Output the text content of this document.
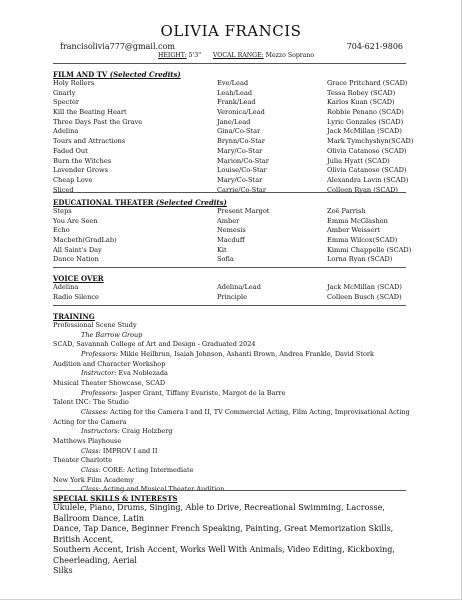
OLIVIA FRANCIS
francisolivia777@gmail.com	704-621-9806
HEIGHT: 5'3" VOCAL RANGE: Mezzo Soprano
FILM AND TV (Selected Credits)
Holy Rollers	Eve/Lead	Grace Pritchard (SCAD)
Gnarly	Leah/Lead	Tessa Robey (SCAD)
Specter	Frank/Lead	Karlos Kuan (SCAD)
Kill the Beating Heart	Veronica/Lead	Robbie Penano (SCAD)
Three Days Past the Grave	Jane/Lead	Lyric Gonzales (SCAD)
Adelina	Gina/Co-Star	Jack McMillan (SCAD)
Tours and Attractions	Brynn/Co-Star	Mark Tymchyshyn(SCAD)
Faded Out	Mary/Co-Star	Olivia Catanoso (SCAD)
Burn the Witches	Marion/Co-Star	Julia Hyatt (SCAD)
Lavender Grows	Louise/Co-Star	Olivia Catanoso (SCAD)
Cheap Love	Mary/Co-Star	Alexandra Lavin (SCAD)
Sliced	Carrie/Co-Star	Colleen Ryan (SCAD)
EDUCATIONAL THEATER (Selected Credits)
Steps	Present Margot	Zoë Parrish
You Are Seen	Amber	Emma McGlashen
Echo	Nemesis	Amber Weissert
Macbeth(GradLab)	Macduff	Emma Wilcox(SCAD)
All Saint's Day	Kit	Kimmi Chappelle (SCAD)
Dance Nation	Sofia	Lorna Ryan (SCAD)
VOICE OVER
Adelina	Adelina/Lead	Jack McMillan (SCAD)
Radio Silence	Principle	Colleen Busch (SCAD)
TRAINING
Professional Scene Study
The Barrow Group
SCAD, Savannah College of Art and Design - Graduated 2024
Professors: Mikie Heilbrun, Isaiah Johnson, Ashanti Brown, Andrea Frankle, David Stork
Audition and Character Workshop
Instructor: Eva Noblezada
Musical Theater Showcase, SCAD
Professors: Jasper Grant, Tiffany Evariste, Margot de la Barre
Talent INC: The Studio
Classes: Acting for the Camera I and II, TV Commercial Acting, Film Acting, Improvisational Acting
Acting for the Camera
Instructors: Craig Holzberg
Matthews Playhouse
Class: IMPROV I and II
Theater Charlotte
Class: CORE: Acting Intermediate
New York Film Academy
Class: Acting and Musical Theater Audition
SPECIAL SKILLS & INTERESTS
Ukulele, Piano, Drums, Singing, Able to Drive, Recreational Swimming, Lacrosse, Ballroom Dance, Latin
Dance, Tap Dance, Beginner French Speaking, Painting, Great Memorization Skills, British Accent,
Southern Accent, Irish Accent, Works Well With Animals, Video Editing, Kickboxing, Cheerleading, Aerial
Silks
